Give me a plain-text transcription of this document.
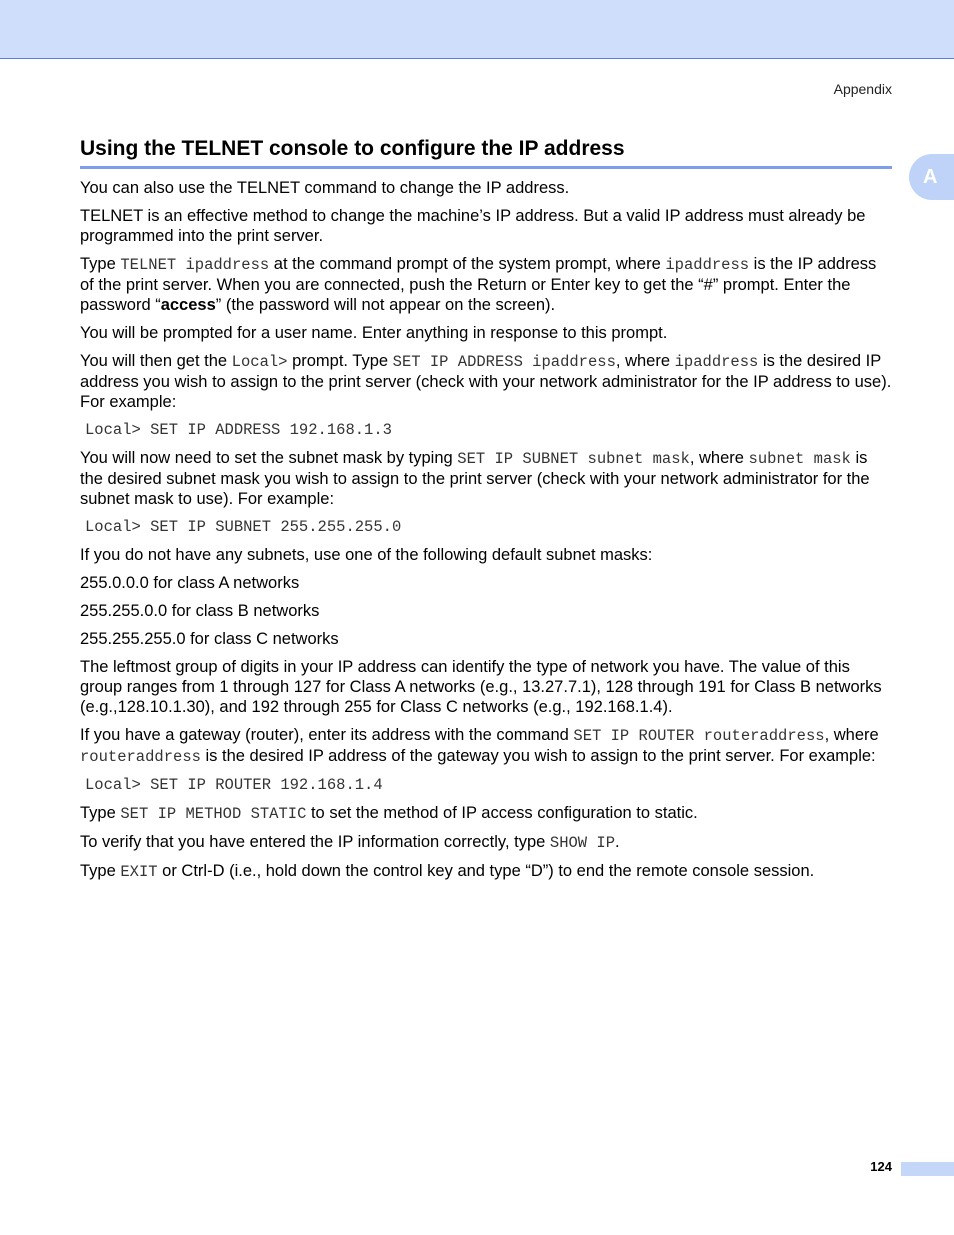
Appendix
Using the TELNET console to configure the IP address
A

You can also use the TELNET command to change the IP address.

TELNET is an effective method to change the machine’s IP address. But a valid IP address must already be programmed into the print server.

Type TELNET ipaddress at the command prompt of the system prompt, where ipaddress is the IP address of the print server. When you are connected, push the Return or Enter key to get the “#” prompt. Enter the password “access” (the password will not appear on the screen).

You will be prompted for a user name. Enter anything in response to this prompt.

You will then get the Local> prompt. Type SET IP ADDRESS ipaddress, where ipaddress is the desired IP address you wish to assign to the print server (check with your network administrator for the IP address to use). For example:

Local> SET IP ADDRESS 192.168.1.3

You will now need to set the subnet mask by typing SET IP SUBNET subnet mask, where subnet mask is the desired subnet mask you wish to assign to the print server (check with your network administrator for the subnet mask to use). For example:

Local> SET IP SUBNET 255.255.255.0

If you do not have any subnets, use one of the following default subnet masks:

255.0.0.0 for class A networks

255.255.0.0 for class B networks

255.255.255.0 for class C networks

The leftmost group of digits in your IP address can identify the type of network you have. The value of this group ranges from 1 through 127 for Class A networks (e.g., 13.27.7.1), 128 through 191 for Class B networks (e.g.,128.10.1.30), and 192 through 255 for Class C networks (e.g., 192.168.1.4).

If you have a gateway (router), enter its address with the command SET IP ROUTER routeraddress, where routeraddress is the desired IP address of the gateway you wish to assign to the print server. For example:

Local> SET IP ROUTER 192.168.1.4

Type SET IP METHOD STATIC to set the method of IP access configuration to static.

To verify that you have entered the IP information correctly, type SHOW IP.

Type EXIT or Ctrl-D (i.e., hold down the control key and type “D”) to end the remote console session.

124
